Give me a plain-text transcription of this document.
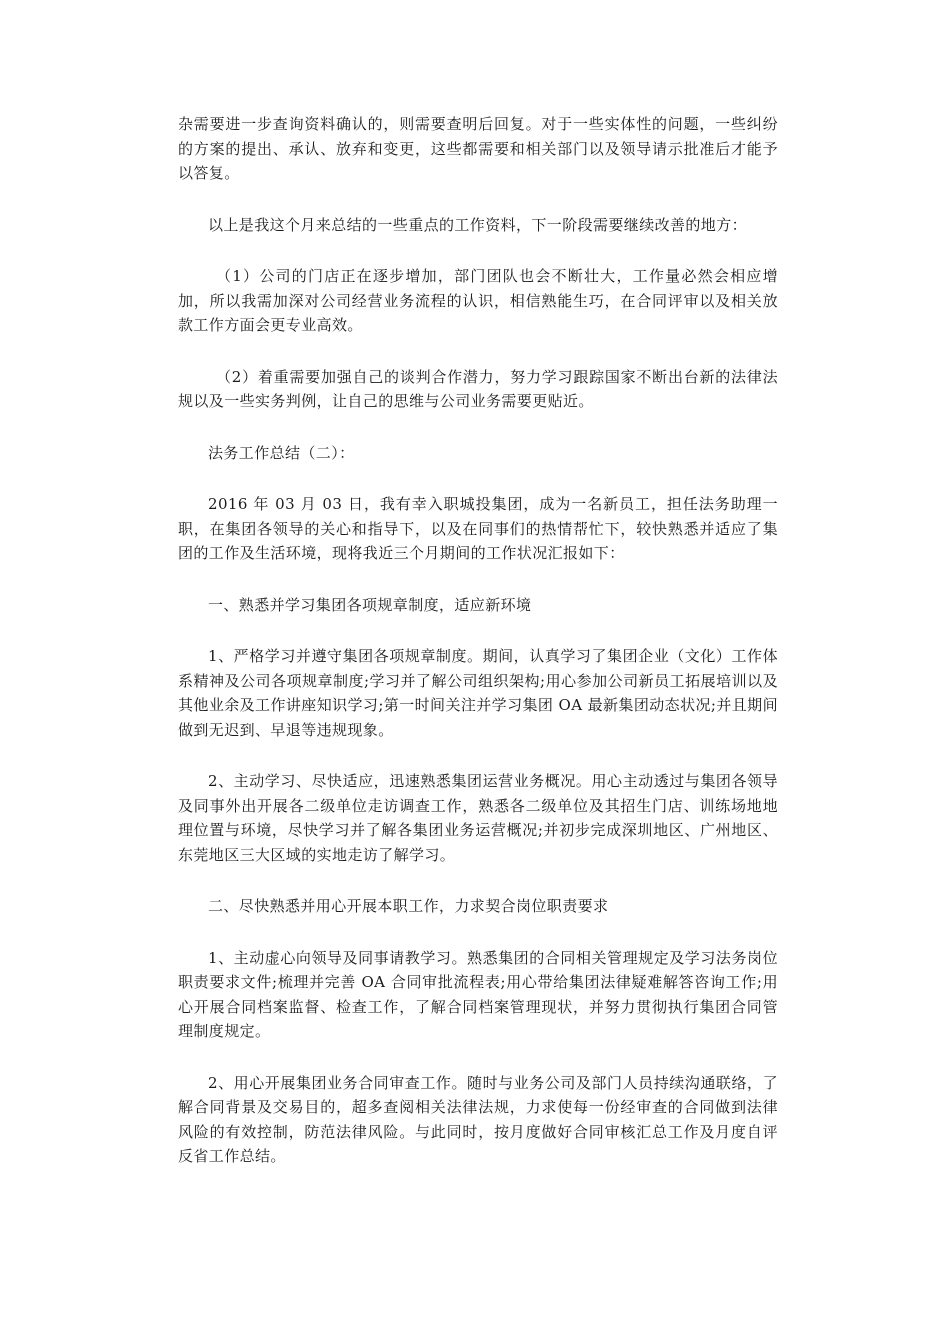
杂需要进一步查询资料确认的，则需要查明后回复。对于一些实体性的问题，一些纠纷的方案的提出、承认、放弃和变更，这些都需要和相关部门以及领导请示批准后才能予以答复。

以上是我这个月来总结的一些重点的工作资料，下一阶段需要继续改善的地方：

（1）公司的门店正在逐步增加，部门团队也会不断壮大，工作量必然会相应增加，所以我需加深对公司经营业务流程的认识，相信熟能生巧，在合同评审以及相关放款工作方面会更专业高效。

（2）着重需要加强自己的谈判合作潜力，努力学习跟踪国家不断出台新的法律法规以及一些实务判例，让自己的思维与公司业务需要更贴近。

法务工作总结（二）：

2016 年 03 月 03 日，我有幸入职城投集团，成为一名新员工，担任法务助理一职，在集团各领导的关心和指导下，以及在同事们的热情帮忙下，较快熟悉并适应了集团的工作及生活环境，现将我近三个月期间的工作状况汇报如下：

一、熟悉并学习集团各项规章制度，适应新环境

1、严格学习并遵守集团各项规章制度。期间，认真学习了集团企业（文化）工作体系精神及公司各项规章制度;学习并了解公司组织架构;用心参加公司新员工拓展培训以及其他业余及工作讲座知识学习;第一时间关注并学习集团 OA 最新集团动态状况;并且期间做到无迟到、早退等违规现象。

2、主动学习、尽快适应，迅速熟悉集团运营业务概况。用心主动透过与集团各领导及同事外出开展各二级单位走访调查工作，熟悉各二级单位及其招生门店、训练场地地理位置与环境，尽快学习并了解各集团业务运营概况;并初步完成深圳地区、广州地区、东莞地区三大区域的实地走访了解学习。

二、尽快熟悉并用心开展本职工作，力求契合岗位职责要求

1、主动虚心向领导及同事请教学习。熟悉集团的合同相关管理规定及学习法务岗位职责要求文件;梳理并完善 OA 合同审批流程表;用心带给集团法律疑难解答咨询工作;用心开展合同档案监督、检查工作，了解合同档案管理现状，并努力贯彻执行集团合同管理制度规定。

2、用心开展集团业务合同审查工作。随时与业务公司及部门人员持续沟通联络，了解合同背景及交易目的，超多查阅相关法律法规，力求使每一份经审查的合同做到法律风险的有效控制，防范法律风险。与此同时，按月度做好合同审核汇总工作及月度自评反省工作总结。
